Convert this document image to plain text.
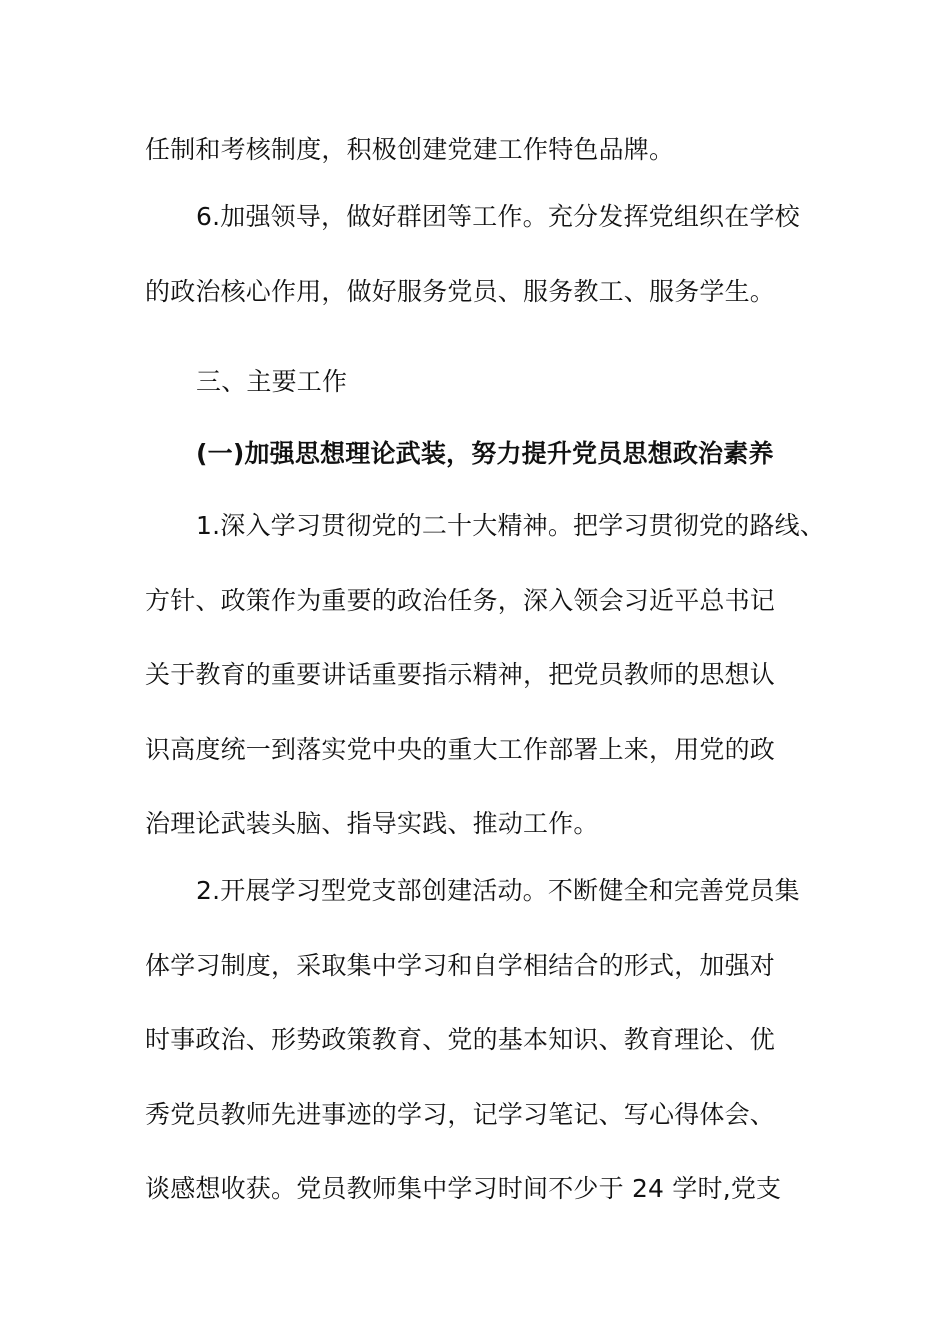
任制和考核制度，积极创建党建工作特色品牌。
6.加强领导，做好群团等工作。充分发挥党组织在学校
的政治核心作用，做好服务党员、服务教工、服务学生。
三、主要工作
(一)加强思想理论武装，努力提升党员思想政治素养
1.深入学习贯彻党的二十大精神。把学习贯彻党的路线、
方针、政策作为重要的政治任务，深入领会习近平总书记
关于教育的重要讲话重要指示精神，把党员教师的思想认
识高度统一到落实党中央的重大工作部署上来，用党的政
治理论武装头脑、指导实践、推动工作。
2.开展学习型党支部创建活动。不断健全和完善党员集
体学习制度，采取集中学习和自学相结合的形式，加强对
时事政治、形势政策教育、党的基本知识、教育理论、优
秀党员教师先进事迹的学习，记学习笔记、写心得体会、
谈感想收获。党员教师集中学习时间不少于 24 学时,党支
